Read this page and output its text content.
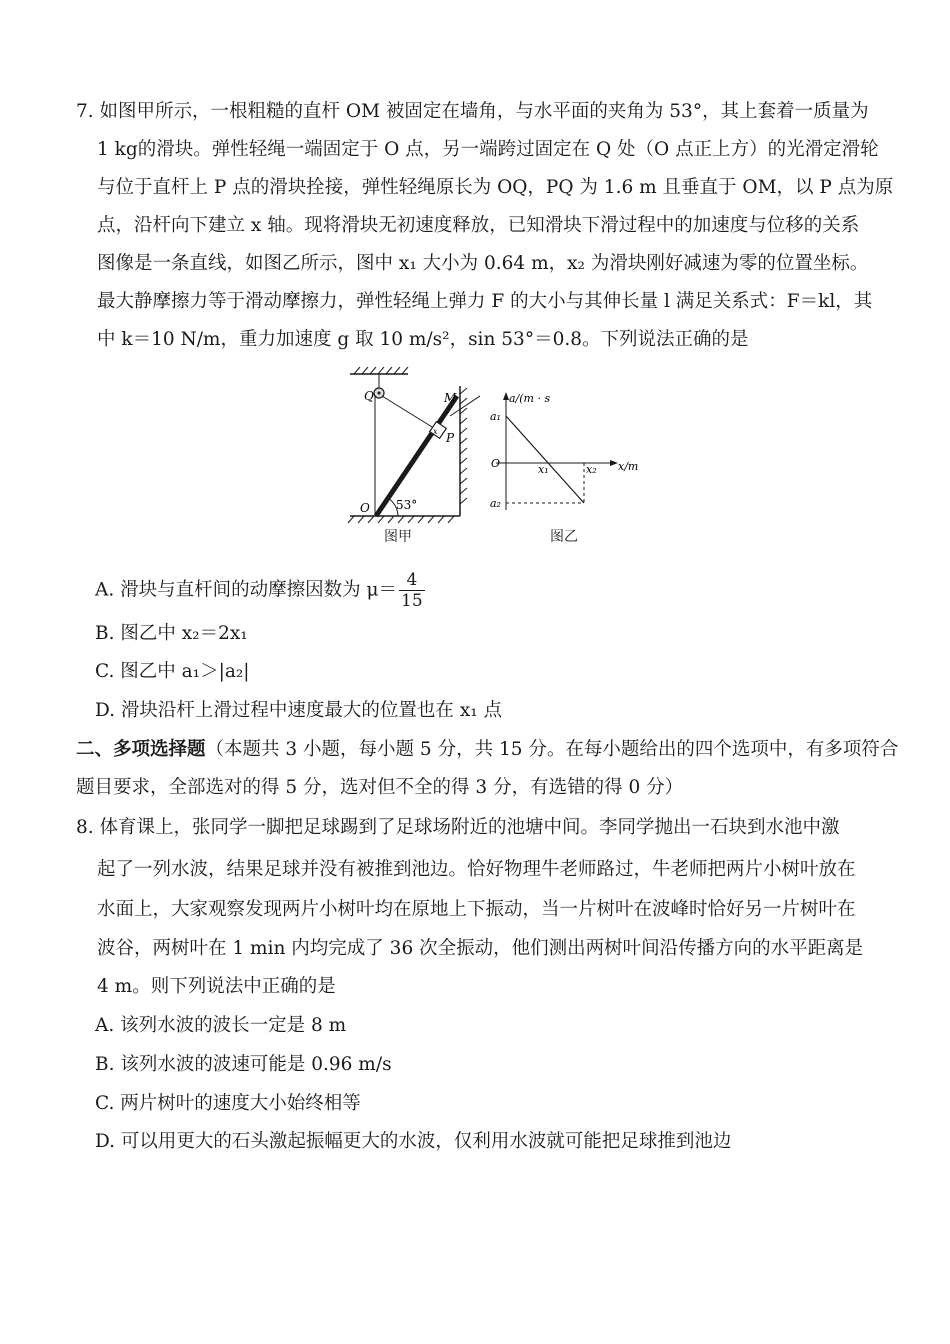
7. 如图甲所示，一根粗糙的直杆 OM 被固定在墙角，与水平面的夹角为 53°，其上套着一质量为
1 kg的滑块。弹性轻绳一端固定于 O 点，另一端跨过固定在 Q 处（O 点正上方）的光滑定滑轮
与位于直杆上 P 点的滑块拴接，弹性轻绳原长为 OQ，PQ 为 1.6 m 且垂直于 OM，以 P 点为原
点，沿杆向下建立 x 轴。现将滑块无初速度释放，已知滑块下滑过程中的加速度与位移的关系
图像是一条直线，如图乙所示，图中 x₁ 大小为 0.64 m，x₂ 为滑块刚好减速为零的位置坐标。
最大静摩擦力等于滑动摩擦力，弹性轻绳上弹力 F 的大小与其伸长量 l 满足关系式：F＝kl，其
中 k＝10 N/m，重力加速度 g 取 10 m/s²，sin 53°＝0.8。下列说法正确的是
Q	M
P
O
x
53°
图甲
a/(m · s
x/m
O
a₁
a₂
x₁	x₂
图乙
A. 滑块与直杆间的动摩擦因数为 $\mu= \frac{4}{15}$
B. 图乙中 x₂＝2x₁
C. 图乙中 a₁＞|a₂|
D. 滑块沿杆上滑过程中速度最大的位置也在 x₁ 点
二、多项选择题（本题共 3 小题，每小题 5 分，共 15 分。在每小题给出的四个选项中，有多项符合
题目要求，全部选对的得 5 分，选对但不全的得 3 分，有选错的得 0 分）
8. 体育课上，张同学一脚把足球踢到了足球场附近的池塘中间。李同学抛出一石块到水池中激
起了一列水波，结果足球并没有被推到池边。恰好物理牛老师路过，牛老师把两片小树叶放在
水面上，大家观察发现两片小树叶均在原地上下振动，当一片树叶在波峰时恰好另一片树叶在
波谷，两树叶在 1 min 内均完成了 36 次全振动，他们测出两树叶间沿传播方向的水平距离是
4 m。则下列说法中正确的是
A. 该列水波的波长一定是 8 m
B. 该列水波的波速可能是 0.96 m/s
C. 两片树叶的速度大小始终相等
D. 可以用更大的石头激起振幅更大的水波，仅利用水波就可能把足球推到池边
